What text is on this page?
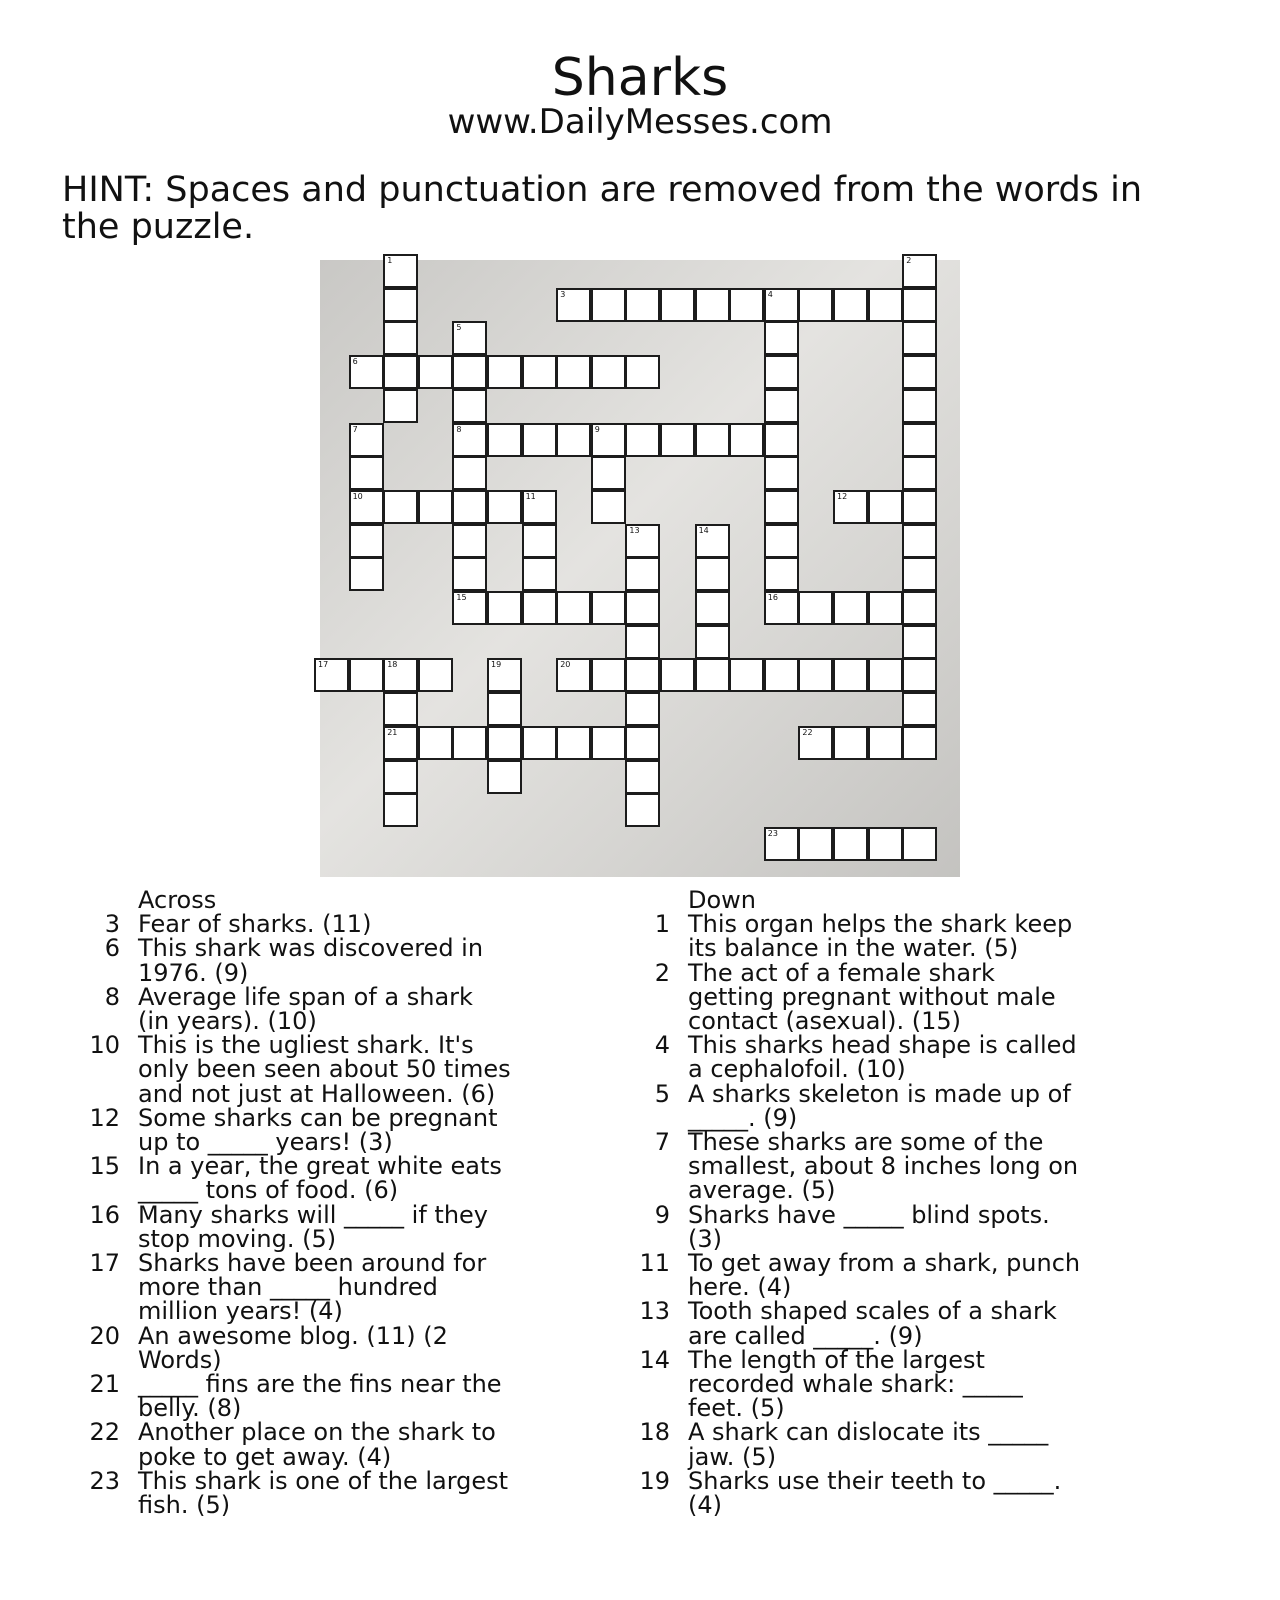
Sharks
www.DailyMesses.com
HINT: Spaces and punctuation are removed from the words in the puzzle.
1	2
3	4
16
5
8
15
6
7
10
9
11	12
13	14
17	18
21
19	20
22
23
Across
3 Fear of sharks. (11)
6 This shark was discovered in
1976. (9)
8 Average life span of a shark
(in years). (10)
10 This is the ugliest shark. It's
only been seen about 50 times
and not just at Halloween. (6)
12 Some sharks can be pregnant
up to _____ years! (3)
15 In a year, the great white eats
_____ tons of food. (6)
16 Many sharks will _____ if they
stop moving. (5)
17 Sharks have been around for
more than _____ hundred
million years! (4)
20 An awesome blog. (11) (2
Words)
21 _____ fins are the fins near the
belly. (8)
22 Another place on the shark to
poke to get away. (4)
23 This shark is one of the largest
fish. (5)
Down
1 This organ helps the shark keep
its balance in the water. (5)
2 The act of a female shark
getting pregnant without male
contact (asexual). (15)
4 This sharks head shape is called
a cephalofoil. (10)
5 A sharks skeleton is made up of
_____. (9)
7 These sharks are some of the
smallest, about 8 inches long on
average. (5)
9 Sharks have _____ blind spots.
(3)
11 To get away from a shark, punch
here. (4)
13 Tooth shaped scales of a shark
are called _____. (9)
14 The length of the largest
recorded whale shark: _____
feet. (5)
18 A shark can dislocate its _____
jaw. (5)
19 Sharks use their teeth to _____.
(4)
